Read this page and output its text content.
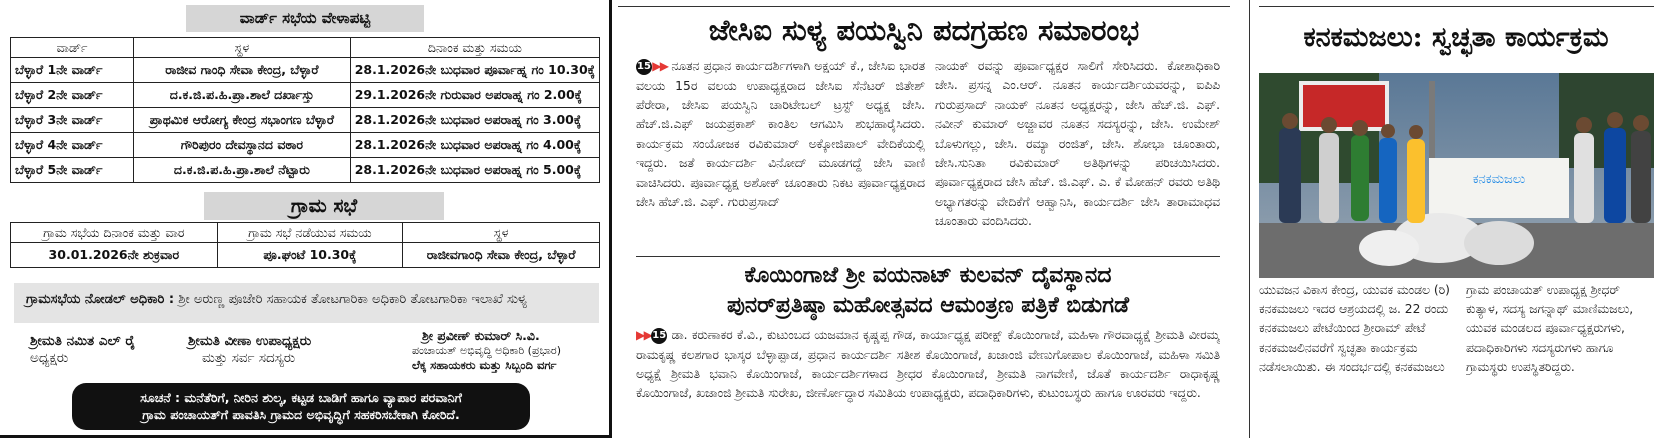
ವಾರ್ಡ್ ಸಭೆಯ ವೇಳಾಪಟ್ಟಿ
ವಾರ್ಡ್	ಸ್ಥಳ	ದಿನಾಂಕ ಮತ್ತು ಸಮಯ
ಬೆಳ್ಳಾರೆ 1ನೇ ವಾರ್ಡ್	ರಾಜೀವ ಗಾಂಧಿ ಸೇವಾ ಕೇಂದ್ರ, ಬೆಳ್ಳಾರೆ	28.1.2026ನೇ ಬುಧವಾರ ಪೂರ್ವಾಹ್ನ ಗಂ 10.30ಕ್ಕೆ
ಬೆಳ್ಳಾರೆ 2ನೇ ವಾರ್ಡ್	ದ.ಕ.ಜಿ.ಪ.ಹಿ.ಪ್ರಾ.ಶಾಲೆ ದರ್ಖಾಸ್ತು	29.1.2026ನೇ ಗುರುವಾರ ಅಪರಾಹ್ನ ಗಂ 2.00ಕ್ಕೆ
ಬೆಳ್ಳಾರೆ 3ನೇ ವಾರ್ಡ್	ಪ್ರಾಥಮಿಕ ಆರೋಗ್ಯ ಕೇಂದ್ರ ಸಭಾಂಗಣ ಬೆಳ್ಳಾರೆ	28.1.2026ನೇ ಬುಧವಾರ ಅಪರಾಹ್ನ ಗಂ 3.00ಕ್ಕೆ
ಬೆಳ್ಳಾರೆ 4ನೇ ವಾರ್ಡ್	ಗೌರಿಪುರಂ ದೇವಸ್ಥಾನದ ವಠಾರ	28.1.2026ನೇ ಬುಧವಾರ ಅಪರಾಹ್ನ ಗಂ 4.00ಕ್ಕೆ
ಬೆಳ್ಳಾರೆ 5ನೇ ವಾರ್ಡ್	ದ.ಕ.ಜಿ.ಪ.ಹಿ.ಪ್ರಾ.ಶಾಲೆ ನೆಟ್ಟಾರು	28.1.2026ನೇ ಬುಧವಾರ ಅಪರಾಹ್ನ ಗಂ 5.00ಕ್ಕೆ
ಗ್ರಾಮ ಸಭೆ
ಗ್ರಾಮ ಸಭೆಯ ದಿನಾಂಕ ಮತ್ತು ವಾರ	ಗ್ರಾಮ ಸಭೆ ನಡೆಯುವ ಸಮಯ	ಸ್ಥಳ
30.01.2026ನೇ ಶುಕ್ರವಾರ	ಪೂ.ಘಂಟೆ 10.30ಕ್ಕೆ	ರಾಜೀವಗಾಂಧಿ ಸೇವಾ ಕೇಂದ್ರ, ಬೆಳ್ಳಾರೆ
ಗ್ರಾಮಸಭೆಯ ನೋಡಲ್ ಅಧಿಕಾರಿ : ಶ್ರೀ ಅರುಣ್ಣ ಪೂಜೇರಿ ಸಹಾಯಕ ತೋಟಗಾರಿಕಾ ಅಧಿಕಾರಿ ತೋಟಗಾರಿಕಾ ಇಲಾಖೆ ಸುಳ್ಯ
ಶ್ರೀಮತಿ ನಮಿತ ಎಲ್ ರೈ
ಅಧ್ಯಕ್ಷರು
ಶ್ರೀಮತಿ ವೀಣಾ ಉಪಾಧ್ಯಕ್ಷರು
ಮತ್ತು ಸರ್ವ ಸದಸ್ಯರು
ಶ್ರೀ ಪ್ರವೀಣ್ ಕುಮಾರ್ ಸಿ.ವಿ.
ಪಂಚಾಯತ್ ಅಭಿವೃದ್ಧಿ ಅಧಿಕಾರಿ (ಪ್ರಭಾರ)
ಲೆಕ್ಕ ಸಹಾಯಕರು ಮತ್ತು ಸಿಬ್ಬಂದಿ ವರ್ಗ
ಸೂಚನೆ : ಮನೆತೆರಿಗೆ, ನೀರಿನ ಶುಲ್ಕ, ಕಟ್ಟಡ ಬಾಡಿಗೆ ಹಾಗೂ ವ್ಯಾಪಾರ ಪರವಾನಿಗೆ
ಗ್ರಾಮ ಪಂಚಾಯತ್‌ಗೆ ಪಾವತಿಸಿ ಗ್ರಾಮದ ಅಭಿವೃದ್ಧಿಗೆ ಸಹಕರಿಸಬೇಕಾಗಿ ಕೋರಿದೆ.
ಜೇಸಿಐ ಸುಳ್ಯ ಪಯಸ್ವಿನಿ ಪದಗ್ರಹಣ ಸಮಾರಂಭ
15▶▶ ನೂತನ ಪ್ರಧಾನ ಕಾರ್ಯದರ್ಶಿಗಳಾಗಿ ಅಕ್ಷಯ್ ಕೆ., ಜೇಸಿಐ ಭಾರತ ವಲಯ 15ರ ವಲಯ ಉಪಾಧ್ಯಕ್ಷರಾದ ಜೇಸಿಐ ಸೆನೆಟರ್ ಜಿತೇಶ್ ಪೆರೇರಾ, ಜೇಸಿಐ ಪಯಸ್ವಿನಿ ಚಾರಿಟೇಬಲ್ ಟ್ರಸ್ಟ್ ಅಧ್ಯಕ್ಷ ಜೇಸಿ. ಹೆಚ್.ಜಿ.ಎಫ್ ಜಯಪ್ರಕಾಶ್ ಕಾಂತಿಲ ಆಗಮಿಸಿ ಶುಭಹಾರೈಸಿದರು. ಕಾರ್ಯಕ್ರಮ ಸಂಯೋಜಕ ರವಿಕುಮಾರ್ ಅಕ್ಕೋಜಿಪಾಲ್ ವೇದಿಕೆಯಲ್ಲಿ ಇದ್ದರು. ಜತೆ ಕಾರ್ಯದರ್ಶಿ ವಿನೋದ್ ಮೂಡಗದ್ದೆ ಜೇಸಿ ವಾಣಿ ವಾಚಿಸಿದರು. ಪೂರ್ವಾಧ್ಯಕ್ಷ ಅಶೋಕ್ ಚೂಂತಾರು ನಿಕಟ ಪೂರ್ವಾಧ್ಯಕ್ಷರಾದ ಜೇಸಿ ಹೆಚ್.ಜಿ. ಎಫ್. ಗುರುಪ್ರಸಾದ್
ನಾಯಕ್ ರವನ್ನು ಪೂರ್ವಾಧ್ಯಕ್ಷರ ಸಾಲಿಗೆ ಸೇರಿಸಿದರು. ಕೋಶಾಧಿಕಾರಿ ಜೇಸಿ. ಪ್ರಸನ್ನ ಎಂ.ಆರ್. ನೂತನ ಕಾರ್ಯದರ್ಶಿಯವರನ್ನು, ಐಪಿಪಿ ಗುರುಪ್ರಸಾದ್ ನಾಯಕ್ ನೂತನ ಅಧ್ಯಕ್ಷರನ್ನು, ಜೇಸಿ ಹೆಚ್.ಜಿ. ಎಫ್. ನವೀನ್ ಕುಮಾರ್ ಅಜ್ಜಾವರ ನೂತನ ಸದಸ್ಯರನ್ನು, ಜೇಸಿ. ಉಮೇಶ್ ಬೊಳುಗಲ್ಲು, ಜೇಸಿ. ರಮ್ಯಾ ರಂಜಿತ್, ಜೇಸಿ. ಶೋಭಾ ಚೂಂತಾರು, ಜೇಸಿ.ಸುನಿತಾ ರವಿಕುಮಾರ್ ಅತಿಥಿಗಳನ್ನು ಪರಿಚಯಿಸಿದರು. ಪೂರ್ವಾಧ್ಯಕ್ಷರಾದ ಜೇಸಿ ಹೆಚ್. ಜಿ.ಎಫ್. ಎ. ಕೆ ಮೋಹನ್ ರವರು ಅತಿಥಿ ಅಭ್ಯಾಗತರನ್ನು ವೇದಿಕೆಗೆ ಆಹ್ವಾನಿಸಿ, ಕಾರ್ಯದರ್ಶಿ ಜೇಸಿ ತಾರಾಮಾಧವ ಚೂಂತಾರು ವಂದಿಸಿದರು.
ಕೊಯಿಂಗಾಜೆ ಶ್ರೀ ವಯನಾಟ್ ಕುಲವನ್ ದೈವಸ್ಥಾನದ
ಪುನರ್‌ಪ್ರತಿಷ್ಠಾ ಮಹೋತ್ಸವದ ಆಮಂತ್ರಣ ಪತ್ರಿಕೆ ಬಿಡುಗಡೆ
▶▶15 ಡಾ. ಕರುಣಾಕರ ಕೆ.ವಿ., ಕುಟುಂಬದ ಯಜಮಾನ ಕೃಷ್ಣಪ್ಪ ಗೌಡ, ಕಾರ್ಯಾಧ್ಯಕ್ಷ ಪರೀಕ್ಷ್ ಕೊಯಿಂಗಾಜೆ, ಮಹಿಳಾ ಗೌರವಾಧ್ಯಕ್ಷೆ ಶ್ರೀಮತಿ ವೀರಮ್ಮ ರಾಮಕೃಷ್ಣ ಕಲಶಗಾರ ಭಾಸ್ಕರ ಬೆಳ್ಳಾಪ್ಪಾಡ, ಪ್ರಧಾನ ಕಾರ್ಯದರ್ಶಿ ಸತೀಶ ಕೊಯಿಂಗಾಜೆ, ಖಜಾಂಜಿ ವೇಣುಗೋಪಾಲ ಕೊಯಿಂಗಾಜೆ, ಮಹಿಳಾ ಸಮಿತಿ ಅಧ್ಯಕ್ಷೆ ಶ್ರೀಮತಿ ಭವಾನಿ ಕೊಯಿಂಗಾಜೆ, ಕಾರ್ಯದರ್ಶಿಗಳಾದ ಶ್ರೀಧರ ಕೊಯಿಂಗಾಜೆ, ಶ್ರೀಮತಿ ನಾಗವೇಣಿ, ಜೊತೆ ಕಾರ್ಯದರ್ಶಿ ರಾಧಾಕೃಷ್ಣ ಕೊಯಿಂಗಾಜೆ, ಖಜಾಂಜಿ ಶ್ರೀಮತಿ ಸುರೇಖ, ಜೀರ್ಣೋದ್ಧಾರ ಸಮಿತಿಯ ಉಪಾಧ್ಯಕ್ಷರು, ಪದಾಧಿಕಾರಿಗಳು, ಕುಟುಂಬಸ್ಥರು ಹಾಗೂ ಊರವರು ಇದ್ದರು.
ಕನಕಮಜಲು: ಸ್ವಚ್ಛತಾ ಕಾರ್ಯಕ್ರಮ
ಕನಕಮಜಲು
ಯುವಜನ ವಿಕಾಸ ಕೇಂದ್ರ, ಯುವಕ ಮಂಡಲ (ರಿ) ಕನಕಮಜಲು ಇದರ ಆಶ್ರಯದಲ್ಲಿ ಜ. 22 ರಂದು ಕನಕಮಜಲು ಪೇಟೆಯಿಂದ ಶ್ರೀರಾಮ್ ಪೇಟೆ ಕನಕಮಜಲಿನವರೆಗೆ ಸ್ವಚ್ಛತಾ ಕಾರ್ಯಕ್ರಮ ನಡೆಸಲಾಯಿತು. ಈ ಸಂದರ್ಭದಲ್ಲಿ ಕನಕಮಜಲು
ಗ್ರಾಮ ಪಂಚಾಯತ್ ಉಪಾಧ್ಯಕ್ಷ ಶ್ರೀಧರ್ ಕುತ್ಯಾಳ, ಸದಸ್ಯ ಜಗನ್ನಾಥ್ ಮಾಣಿಮಜಲು, ಯುವಕ ಮಂಡಲದ ಪೂರ್ವಾಧ್ಯಕ್ಷರುಗಳು, ಪದಾಧಿಕಾರಿಗಳು ಸದಸ್ಯರುಗಳು ಹಾಗೂ ಗ್ರಾಮಸ್ಥರು ಉಪಸ್ಥಿತರಿದ್ದರು.
